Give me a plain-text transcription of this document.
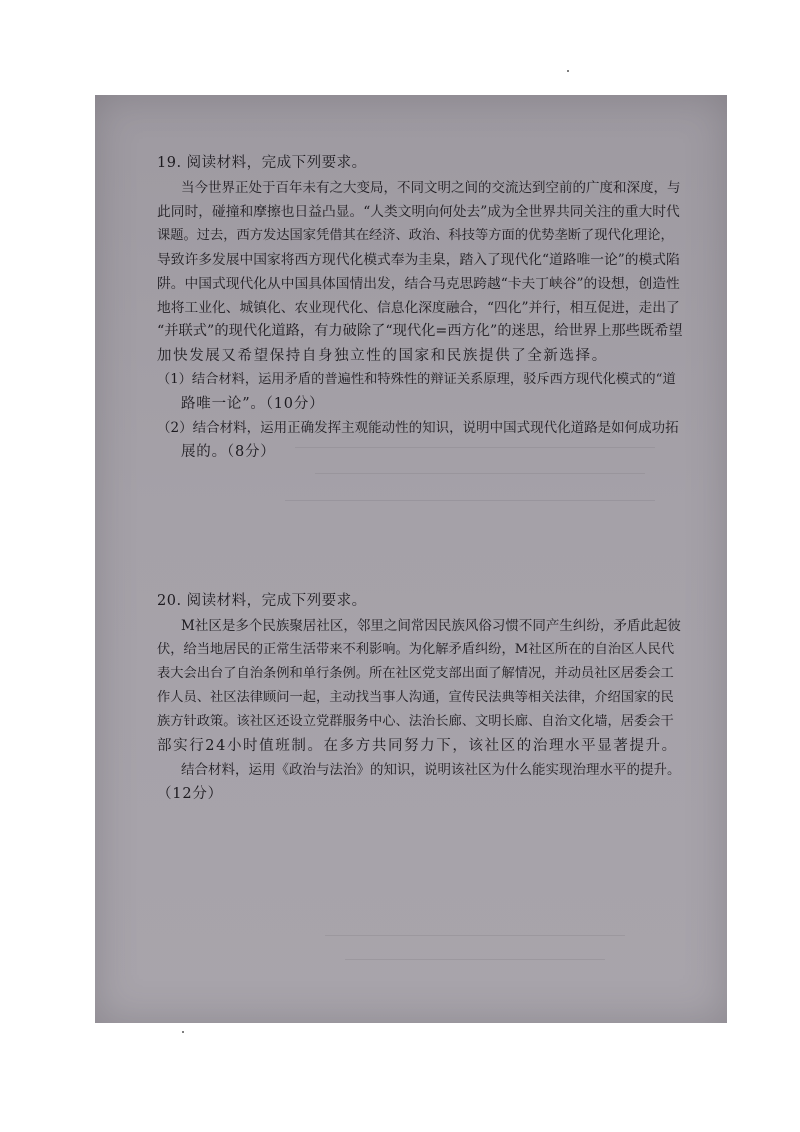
19. 阅读材料，完成下列要求。
当今世界正处于百年未有之大变局，不同文明之间的交流达到空前的广度和深度，与
此同时，碰撞和摩擦也日益凸显。“人类文明向何处去”成为全世界共同关注的重大时代
课题。过去，西方发达国家凭借其在经济、政治、科技等方面的优势垄断了现代化理论，
导致许多发展中国家将西方现代化模式奉为圭臬，踏入了现代化“道路唯一论”的模式陷
阱。中国式现代化从中国具体国情出发，结合马克思跨越“卡夫丁峡谷”的设想，创造性
地将工业化、城镇化、农业现代化、信息化深度融合，“四化”并行，相互促进，走出了
“并联式”的现代化道路，有力破除了“现代化=西方化”的迷思，给世界上那些既希望
加快发展又希望保持自身独立性的国家和民族提供了全新选择。
（1）结合材料，运用矛盾的普遍性和特殊性的辩证关系原理，驳斥西方现代化模式的“道
路唯一论”。（10分）
（2）结合材料，运用正确发挥主观能动性的知识，说明中国式现代化道路是如何成功拓
展的。（8分）
20. 阅读材料，完成下列要求。
M社区是多个民族聚居社区，邻里之间常因民族风俗习惯不同产生纠纷，矛盾此起彼
伏，给当地居民的正常生活带来不利影响。为化解矛盾纠纷，M社区所在的自治区人民代
表大会出台了自治条例和单行条例。所在社区党支部出面了解情况，并动员社区居委会工
作人员、社区法律顾问一起，主动找当事人沟通，宣传民法典等相关法律，介绍国家的民
族方针政策。该社区还设立党群服务中心、法治长廊、文明长廊、自治文化墙，居委会干
部实行24小时值班制。在多方共同努力下，该社区的治理水平显著提升。
结合材料，运用《政治与法治》的知识，说明该社区为什么能实现治理水平的提升。
（12分）
